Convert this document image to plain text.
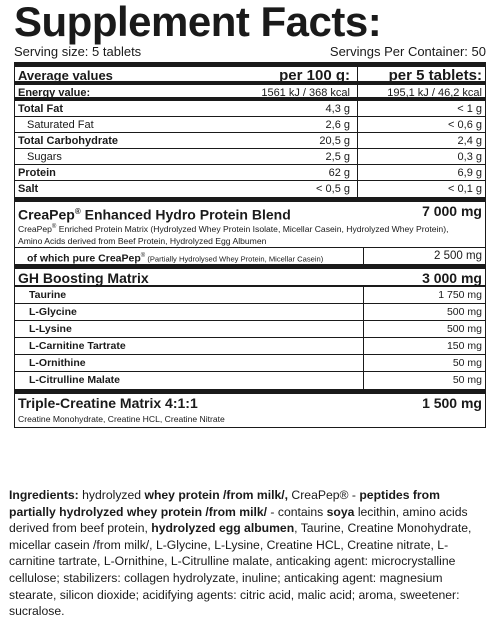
Supplement Facts:
Serving size: 5 tablets	Servings Per Container: 50
Average values	per 100 g:	per 5 tablets:
Energy value:	1561 kJ / 368 kcal	195,1 kJ / 46,2 kcal
Total Fat	4,3 g	< 1 g
Saturated Fat	2,6 g	< 0,6 g
Total Carbohydrate	20,5 g	2,4 g
Sugars	2,5 g	0,3 g
Protein	62 g	6,9 g
Salt	< 0,5 g	< 0,1 g
CreaPep® Enhanced Hydro Protein Blend	7 000 mg
CreaPep® Enriched Protein Matrix (Hydrolyzed Whey Protein Isolate, Micellar Casein, Hydrolyzed Whey Protein),
Amino Acids derived from Beef Protein, Hydrolyzed Egg Albumen
of which pure CreaPep® (Partially Hydrolysed Whey Protein, Micellar Casein)	2 500 mg
GH Boosting Matrix	3 000 mg
Taurine	1 750 mg
L-Glycine	500 mg
L-Lysine	500 mg
L-Carnitine Tartrate	150 mg
L-Ornithine	50 mg
L-Citrulline Malate	50 mg
Triple-Creatine Matrix 4:1:1	1 500 mg
Creatine Monohydrate, Creatine HCL, Creatine Nitrate
Ingredients: hydrolyzed whey protein /from milk/, CreaPep® - peptides from partially hydrolyzed whey protein /from milk/ - contains soya lecithin, amino acids derived from beef protein, hydrolyzed egg albumen, Taurine, Creatine Monohydrate, micellar casein /from milk/, L-Glycine, L-Lysine, Creatine HCL, Creatine nitrate, L-carnitine tartrate, L-Ornithine, L-Citrulline malate, anticaking agent: microcrystalline cellulose; stabilizers: collagen hydrolyzate, inuline; anticaking agent: magnesium stearate, silicon dioxide; acidifying agents: citric acid, malic acid; aroma, sweetener: sucralose.
